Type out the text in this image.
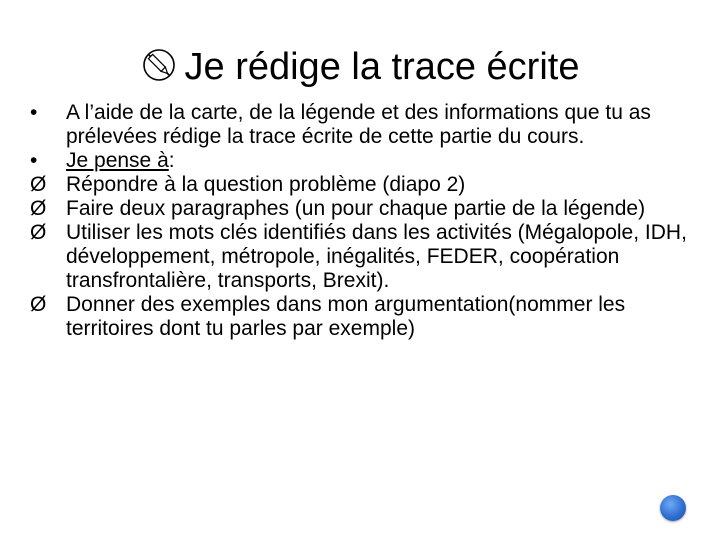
Je rédige la trace écrite
•	A l’aide de la carte, de la légende et des informations que tu as prélevées rédige la trace écrite de cette partie du cours.
•	Je pense à:
Ø Répondre à la question problème (diapo 2)
Ø Faire deux paragraphes (un pour chaque partie de la légende)
Ø Utiliser les mots clés identifiés dans les activités (Mégalopole, IDH, développement, métropole, inégalités, FEDER, coopération transfrontalière, transports, Brexit).
Ø Donner des exemples dans mon argumentation(nommer les territoires dont tu parles par exemple)
